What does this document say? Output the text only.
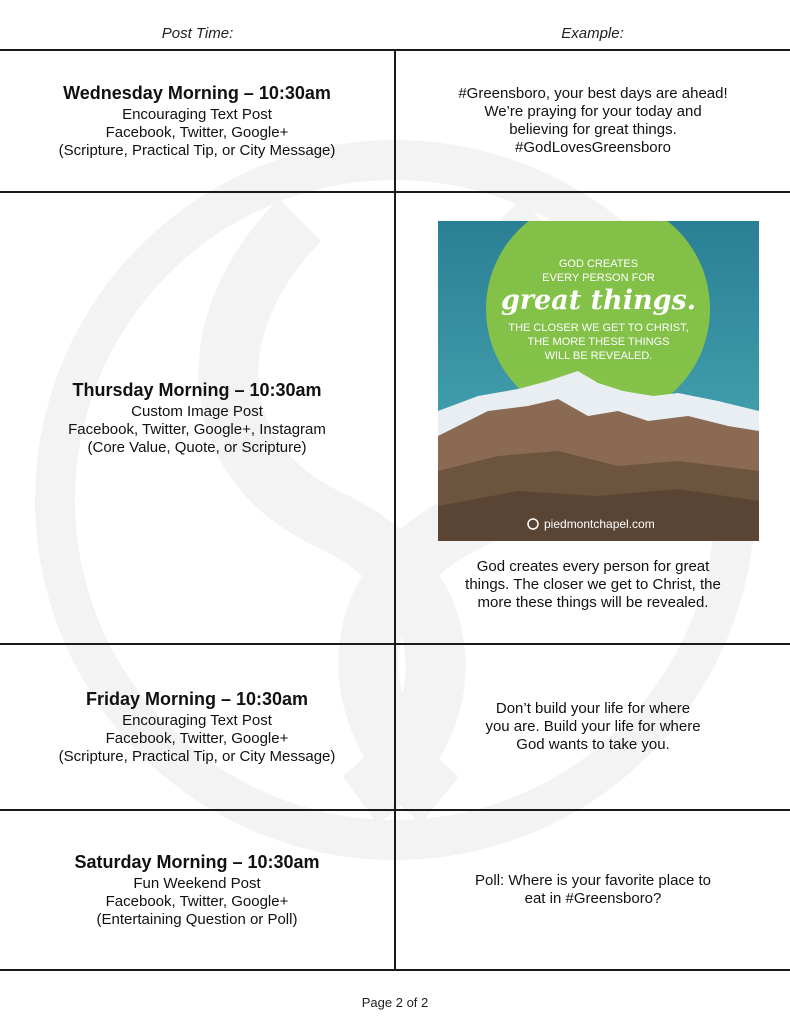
Post Time:	Example:
Wednesday Morning – 10:30am
Encouraging Text Post
Facebook, Twitter, Google+
(Scripture, Practical Tip, or City Message)
#Greensboro, your best days are ahead!
We’re praying for your today and
believing for great things.
#GodLovesGreensboro
Thursday Morning – 10:30am
Custom Image Post
Facebook, Twitter, Google+, Instagram
(Core Value, Quote, or Scripture)
GOD CREATES
EVERY PERSON FOR
great things.
THE CLOSER WE GET TO CHRIST,
THE MORE THESE THINGS
WILL BE REVEALED.
piedmontchapel.com
God creates every person for great
things. The closer we get to Christ, the
more these things will be revealed.
Friday Morning – 10:30am
Encouraging Text Post
Facebook, Twitter, Google+
(Scripture, Practical Tip, or City Message)
Don’t build your life for where
you are. Build your life for where
God wants to take you.
Saturday Morning – 10:30am
Fun Weekend Post
Facebook, Twitter, Google+
(Entertaining Question or Poll)
Poll: Where is your favorite place to
eat in #Greensboro?
Page 2 of 2
